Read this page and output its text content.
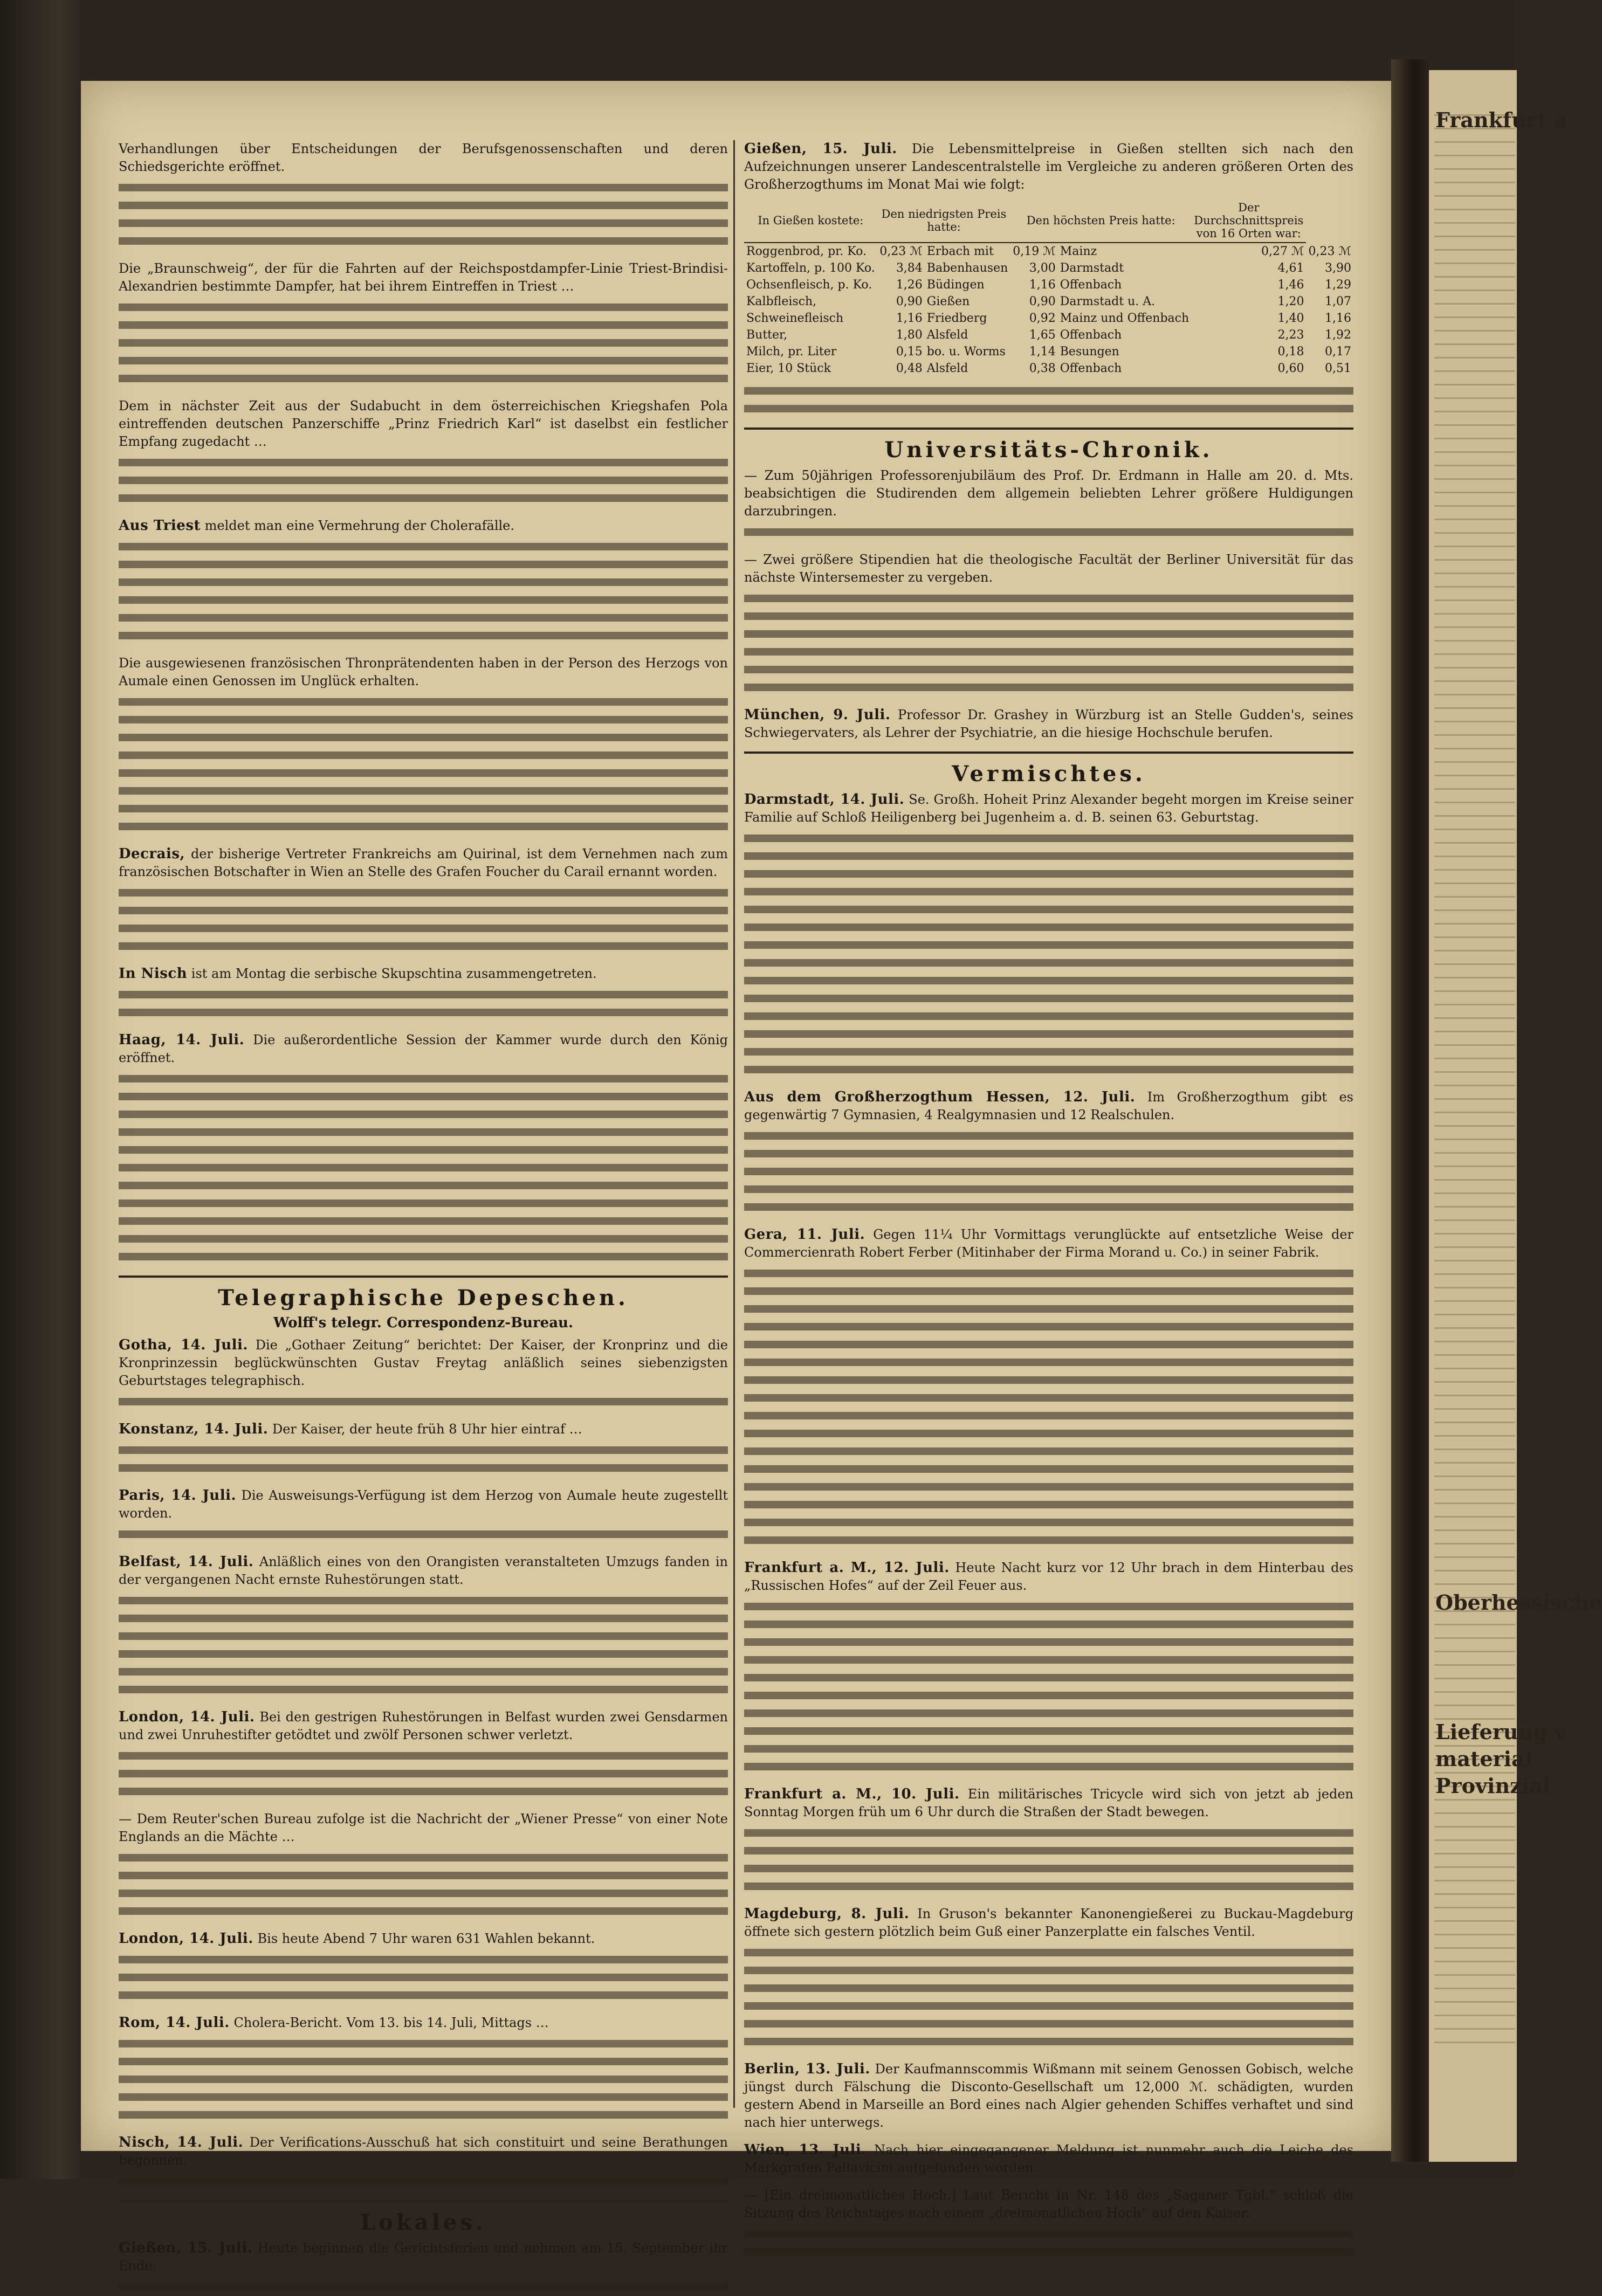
Frankfurt a
Oberhessische
Lieferung v
material
Provinzial

Verhandlungen über Entscheidungen der Berufsgenossenschaften und deren Schiedsgerichte eröffnet.

Die „Braunschweig“, der für die Fahrten auf der Reichspostdampfer-Linie Triest-Brindisi-Alexandrien bestimmte Dampfer, hat bei ihrem Eintreffen in Triest …

Dem in nächster Zeit aus der Sudabucht in dem österreichischen Kriegshafen Pola eintreffenden deutschen Panzerschiffe „Prinz Friedrich Karl“ ist daselbst ein festlicher Empfang zugedacht …

Aus Triest meldet man eine Vermehrung der Cholerafälle.

Die ausgewiesenen französischen Thronprätendenten haben in der Person des Herzogs von Aumale einen Genossen im Unglück erhalten.

Decrais, der bisherige Vertreter Frankreichs am Quirinal, ist dem Vernehmen nach zum französischen Botschafter in Wien an Stelle des Grafen Foucher du Carail ernannt worden.

In Nisch ist am Montag die serbische Skupschtina zusammengetreten.

Haag, 14. Juli. Die außerordentliche Session der Kammer wurde durch den König eröffnet.

Telegraphische Depeschen.
Wolff's telegr. Correspondenz-Bureau.

Gotha, 14. Juli. Die „Gothaer Zeitung“ berichtet: Der Kaiser, der Kronprinz und die Kronprinzessin beglückwünschten Gustav Freytag anläßlich seines siebenzigsten Geburtstages telegraphisch.

Konstanz, 14. Juli. Der Kaiser, der heute früh 8 Uhr hier eintraf …

Paris, 14. Juli. Die Ausweisungs-Verfügung ist dem Herzog von Aumale heute zugestellt worden.

Belfast, 14. Juli. Anläßlich eines von den Orangisten veranstalteten Umzugs fanden in der vergangenen Nacht ernste Ruhestörungen statt.

London, 14. Juli. Bei den gestrigen Ruhestörungen in Belfast wurden zwei Gensdarmen und zwei Unruhestifter getödtet und zwölf Personen schwer verletzt.

— Dem Reuter'schen Bureau zufolge ist die Nachricht der „Wiener Presse“ von einer Note Englands an die Mächte …

London, 14. Juli. Bis heute Abend 7 Uhr waren 631 Wahlen bekannt.

Rom, 14. Juli. Cholera-Bericht. Vom 13. bis 14. Juli, Mittags …

Nisch, 14. Juli. Der Verifications-Ausschuß hat sich constituirt und seine Berathungen begonnen.

Lokales.

Gießen, 15. Juli. Heute beginnen die Gerichtsferien und nehmen am 15. September ihr Ende.

Gießen, 15. Juli. Die Lebensmittelpreise in Gießen stellten sich nach den Aufzeichnungen unserer Landescentralstelle im Vergleiche zu anderen größeren Orten des Großherzogthums im Monat Mai wie folgt:

In Gießen kostete:	Den niedrigsten Preis hatte:		Den höchsten Preis hatte:		Der Durchschnittspreis von 16 Orten war:	
Roggenbrod, pr. Ko.	0,23 ℳ	Erbach mit	0,19 ℳ	Mainz	0,27 ℳ	0,23 ℳ
Kartoffeln, p. 100 Ko.	3,84	Babenhausen	3,00	Darmstadt	4,61	3,90
Ochsenfleisch, p. Ko.	1,26	Büdingen	1,16	Offenbach	1,46	1,29
Kalbfleisch,	0,90	Gießen	0,90	Darmstadt u. A.	1,20	1,07
Schweinefleisch	1,16	Friedberg	0,92	Mainz und Offenbach	1,40	1,16
Butter,	1,80	Alsfeld	1,65	Offenbach	2,23	1,92
Milch, pr. Liter	0,15	bo. u. Worms	1,14	Besungen	0,18	0,17
Eier, 10 Stück	0,48	Alsfeld	0,38	Offenbach	0,60	0,51
Universitäts-Chronik.

— Zum 50jährigen Professorenjubiläum des Prof. Dr. Erdmann in Halle am 20. d. Mts. beabsichtigen die Studirenden dem allgemein beliebten Lehrer größere Huldigungen darzubringen.

— Zwei größere Stipendien hat die theologische Facultät der Berliner Universität für das nächste Wintersemester zu vergeben.

München, 9. Juli. Professor Dr. Grashey in Würzburg ist an Stelle Gudden's, seines Schwiegervaters, als Lehrer der Psychiatrie, an die hiesige Hochschule berufen.

Vermischtes.

Darmstadt, 14. Juli. Se. Großh. Hoheit Prinz Alexander begeht morgen im Kreise seiner Familie auf Schloß Heiligenberg bei Jugenheim a. d. B. seinen 63. Geburtstag.

Aus dem Großherzogthum Hessen, 12. Juli. Im Großherzogthum gibt es gegenwärtig 7 Gymnasien, 4 Realgymnasien und 12 Realschulen.

Gera, 11. Juli. Gegen 11¼ Uhr Vormittags verunglückte auf entsetzliche Weise der Commercienrath Robert Ferber (Mitinhaber der Firma Morand u. Co.) in seiner Fabrik.

Frankfurt a. M., 12. Juli. Heute Nacht kurz vor 12 Uhr brach in dem Hinterbau des „Russischen Hofes“ auf der Zeil Feuer aus.

Frankfurt a. M., 10. Juli. Ein militärisches Tricycle wird sich von jetzt ab jeden Sonntag Morgen früh um 6 Uhr durch die Straßen der Stadt bewegen.

Magdeburg, 8. Juli. In Gruson's bekannter Kanonengießerei zu Buckau-Magdeburg öffnete sich gestern plötzlich beim Guß einer Panzerplatte ein falsches Ventil.

Berlin, 13. Juli. Der Kaufmannscommis Wißmann mit seinem Genossen Gobisch, welche jüngst durch Fälschung die Disconto-Gesellschaft um 12,000 ℳ. schädigten, wurden gestern Abend in Marseille an Bord eines nach Algier gehenden Schiffes verhaftet und sind nach hier unterwegs.

Wien, 13. Juli. Nach hier eingegangener Meldung ist nunmehr auch die Leiche des Markgrafen Pallavicini aufgefunden worden.

— [Ein dreimonatliches Hoch.] Laut Bericht in Nr. 148 des „Saganer Tgbl.“ schloß die Sitzung des Reichstages nach einem „dreimonatlichen Hoch“ auf den Kaiser.
